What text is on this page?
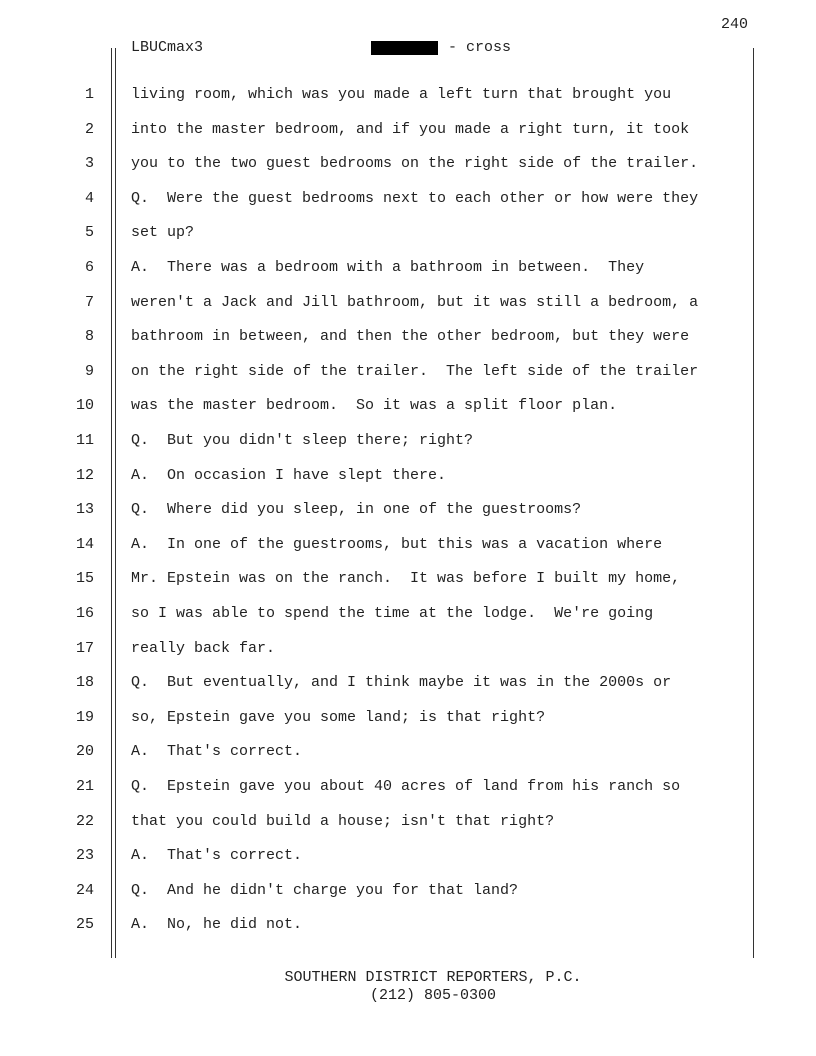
240
LBUCmax3	- cross
1 living room, which was you made a left turn that brought you
2 into the master bedroom, and if you made a right turn, it took
3 you to the two guest bedrooms on the right side of the trailer.
4 Q.  Were the guest bedrooms next to each other or how were they
5 set up?
6 A.  There was a bedroom with a bathroom in between.  They
7 weren't a Jack and Jill bathroom, but it was still a bedroom, a
8 bathroom in between, and then the other bedroom, but they were
9 on the right side of the trailer.  The left side of the trailer
10 was the master bedroom.  So it was a split floor plan.
11 Q.  But you didn't sleep there; right?
12 A.  On occasion I have slept there.
13 Q.  Where did you sleep, in one of the guestrooms?
14 A.  In one of the guestrooms, but this was a vacation where
15 Mr. Epstein was on the ranch.  It was before I built my home,
16 so I was able to spend the time at the lodge.  We're going
17 really back far.
18 Q.  But eventually, and I think maybe it was in the 2000s or
19 so, Epstein gave you some land; is that right?
20 A.  That's correct.
21 Q.  Epstein gave you about 40 acres of land from his ranch so
22 that you could build a house; isn't that right?
23 A.  That's correct.
24 Q.  And he didn't charge you for that land?
25 A.  No, he did not.
SOUTHERN DISTRICT REPORTERS, P.C.
(212) 805-0300
